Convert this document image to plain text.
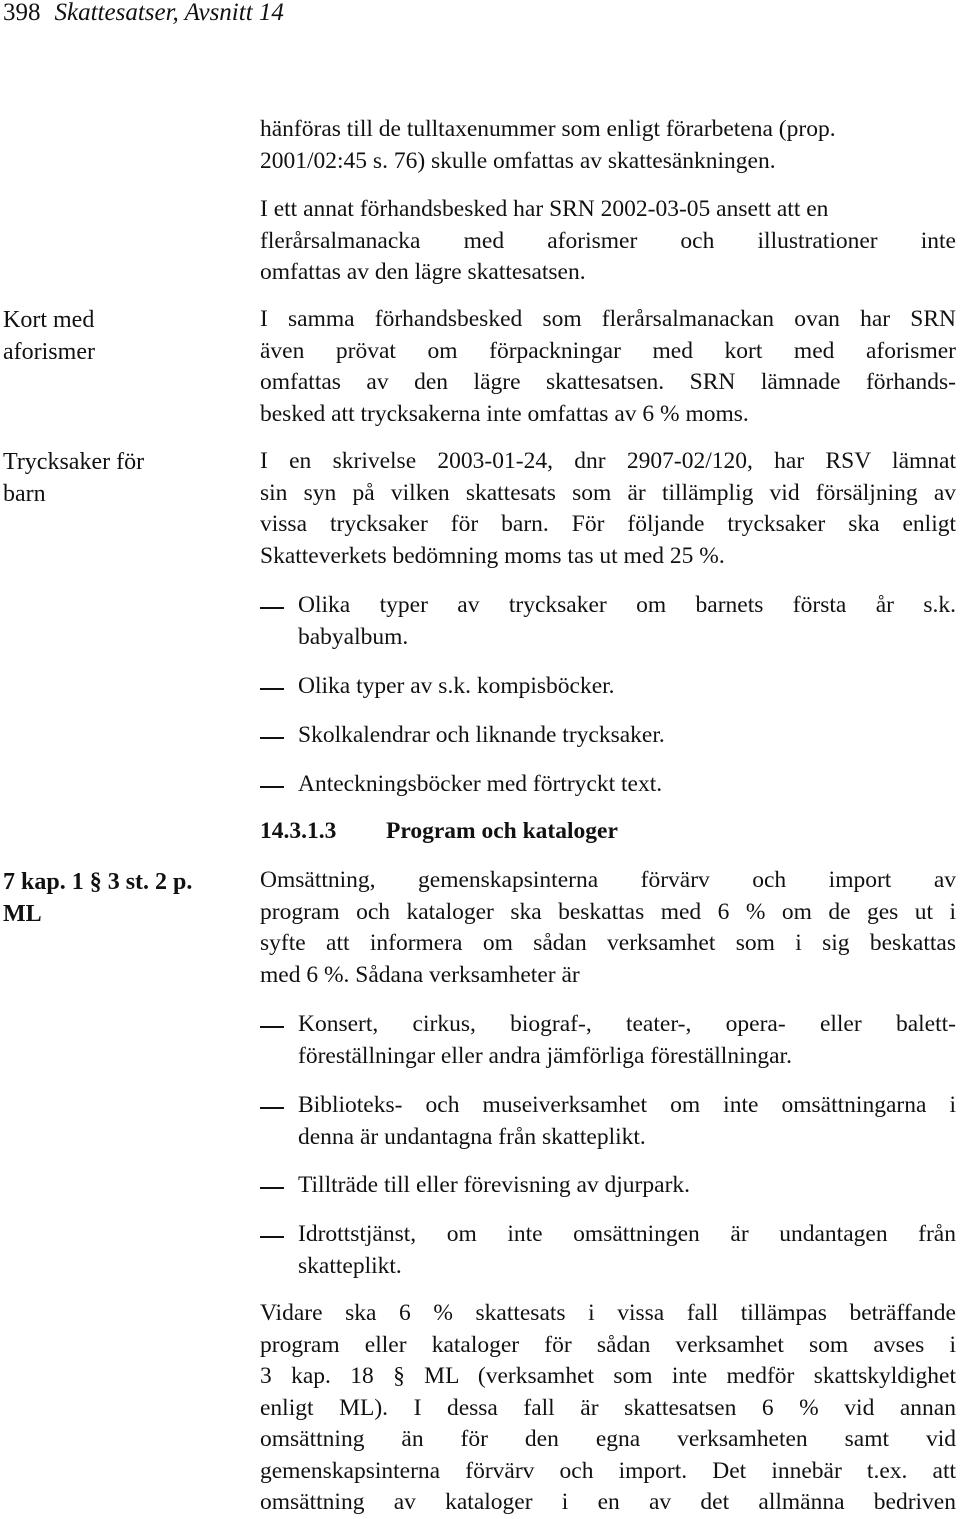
398 Skattesatser, Avsnitt 14
Kort med
aforismer
Trycksaker för
barn
7 kap. 1 § 3 st. 2 p.
ML
hänföras till de tulltaxenummer som enligt förarbetena (prop.
2001/02:45 s. 76) skulle omfattas av skattesänkningen.
I ett annat förhandsbesked har SRN 2002-03-05 ansett att en
flerårsalmanacka med aforismer och illustrationer inte
omfattas av den lägre skattesatsen.
I samma förhandsbesked som flerårsalmanackan ovan har SRN
även prövat om förpackningar med kort med aforismer
omfattas av den lägre skattesatsen. SRN lämnade förhands-
besked att trycksakerna inte omfattas av 6 % moms.
I en skrivelse 2003-01-24, dnr 2907-02/120, har RSV lämnat
sin syn på vilken skattesats som är tillämplig vid försäljning av
vissa trycksaker för barn. För följande trycksaker ska enligt
Skatteverkets bedömning moms tas ut med 25 %.
Olika typer av trycksaker om barnets första år s.k.
babyalbum.
Olika typer av s.k. kompisböcker.
Skolkalendrar och liknande trycksaker.
Anteckningsböcker med förtryckt text.
14.3.1.3 Program och kataloger
Omsättning, gemenskapsinterna förvärv och import av
program och kataloger ska beskattas med 6 % om de ges ut i
syfte att informera om sådan verksamhet som i sig beskattas
med 6 %. Sådana verksamheter är
Konsert, cirkus, biograf-, teater-, opera- eller balett-
föreställningar eller andra jämförliga föreställningar.
Biblioteks- och museiverksamhet om inte omsättningarna i
denna är undantagna från skatteplikt.
Tillträde till eller förevisning av djurpark.
Idrottstjänst, om inte omsättningen är undantagen från
skatteplikt.
Vidare ska 6 % skattesats i vissa fall tillämpas beträffande
program eller kataloger för sådan verksamhet som avses i
3 kap. 18 § ML (verksamhet som inte medför skattskyldighet
enligt ML). I dessa fall är skattesatsen 6 % vid annan
omsättning än för den egna verksamheten samt vid
gemenskapsinterna förvärv och import. Det innebär t.ex. att
omsättning av kataloger i en av det allmänna bedriven
